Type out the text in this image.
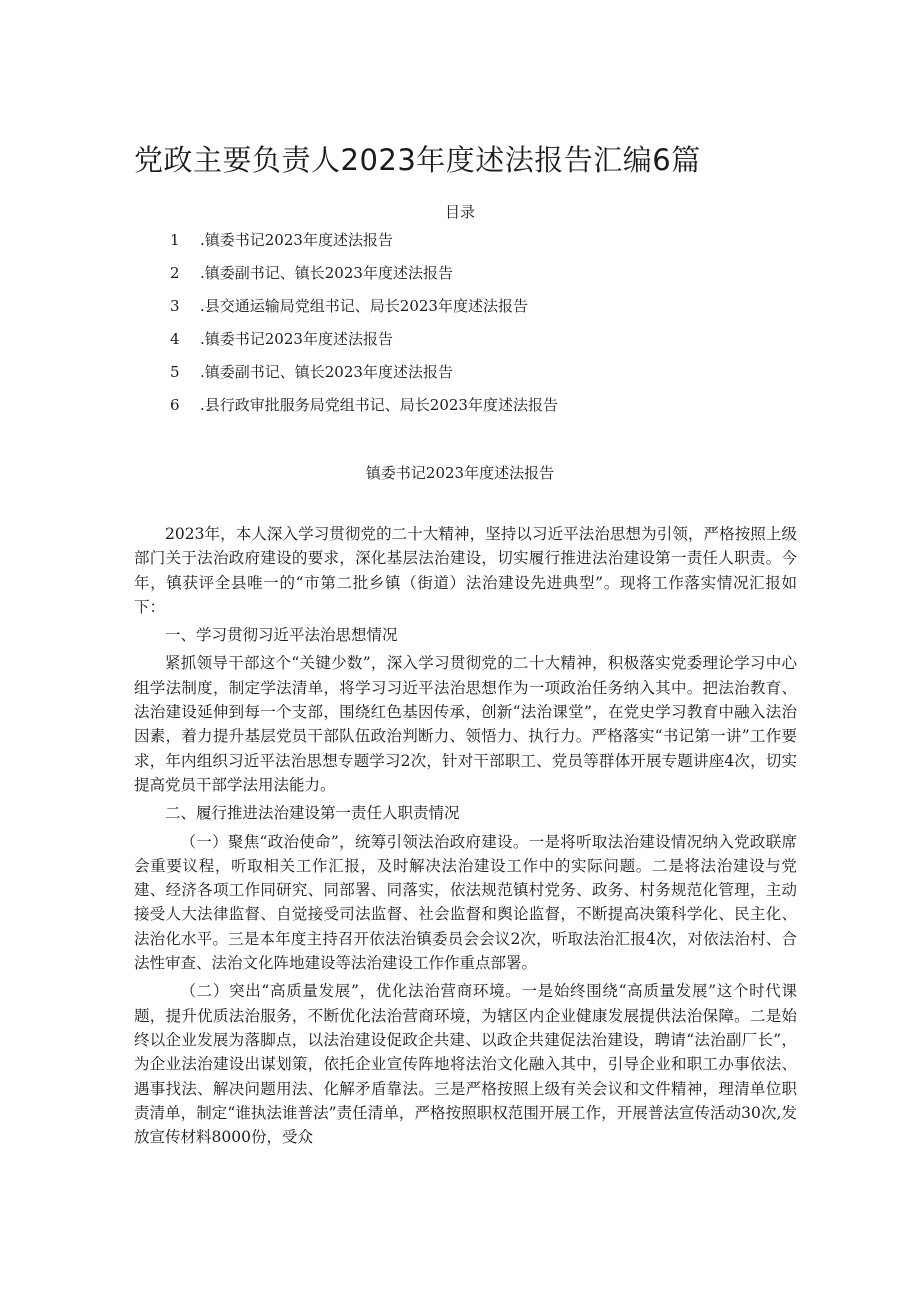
党政主要负责人2023年度述法报告汇编6篇
目录
1 .镇委书记2023年度述法报告
2 .镇委副书记、镇长2023年度述法报告
3 .县交通运输局党组书记、局长2023年度述法报告
4 .镇委书记2023年度述法报告
5 .镇委副书记、镇长2023年度述法报告
6 .县行政审批服务局党组书记、局长2023年度述法报告
镇委书记2023年度述法报告

2023年，本人深入学习贯彻党的二十大精神，坚持以习近平法治思想为引领，严格按照上级部门关于法治政府建设的要求，深化基层法治建设，切实履行推进法治建设第一责任人职责。今年，镇获评全县唯一的“市第二批乡镇（街道）法治建设先进典型”。现将工作落实情况汇报如下：

一、学习贯彻习近平法治思想情况

紧抓领导干部这个“关键少数”，深入学习贯彻党的二十大精神，积极落实党委理论学习中心组学法制度，制定学法清单，将学习习近平法治思想作为一项政治任务纳入其中。把法治教育、法治建设延伸到每一个支部，围绕红色基因传承，创新“法治课堂”，在党史学习教育中融入法治因素，着力提升基层党员干部队伍政治判断力、领悟力、执行力。严格落实“书记第一讲”工作要求，年内组织习近平法治思想专题学习2次，针对干部职工、党员等群体开展专题讲座4次，切实提高党员干部学法用法能力。

二、履行推进法治建设第一责任人职责情况

（一）聚焦“政治使命”，统筹引领法治政府建设。一是将听取法治建设情况纳入党政联席会重要议程，听取相关工作汇报，及时解决法治建设工作中的实际问题。二是将法治建设与党建、经济各项工作同研究、同部署、同落实，依法规范镇村党务、政务、村务规范化管理，主动接受人大法律监督、自觉接受司法监督、社会监督和舆论监督，不断提高决策科学化、民主化、法治化水平。三是本年度主持召开依法治镇委员会会议2次，听取法治汇报4次，对依法治村、合法性审查、法治文化阵地建设等法治建设工作作重点部署。

（二）突出“高质量发展”，优化法治营商环境。一是始终围绕“高质量发展”这个时代课题，提升优质法治服务，不断优化法治营商环境，为辖区内企业健康发展提供法治保障。二是始终以企业发展为落脚点，以法治建设促政企共建、以政企共建促法治建设，聘请“法治副厂长”，为企业法治建设出谋划策，依托企业宣传阵地将法治文化融入其中，引导企业和职工办事依法、遇事找法、解决问题用法、化解矛盾靠法。三是严格按照上级有关会议和文件精神，理清单位职责清单，制定“谁执法谁普法”责任清单，严格按照职权范围开展工作，开展普法宣传活动30次,发放宣传材料8000份，受众
